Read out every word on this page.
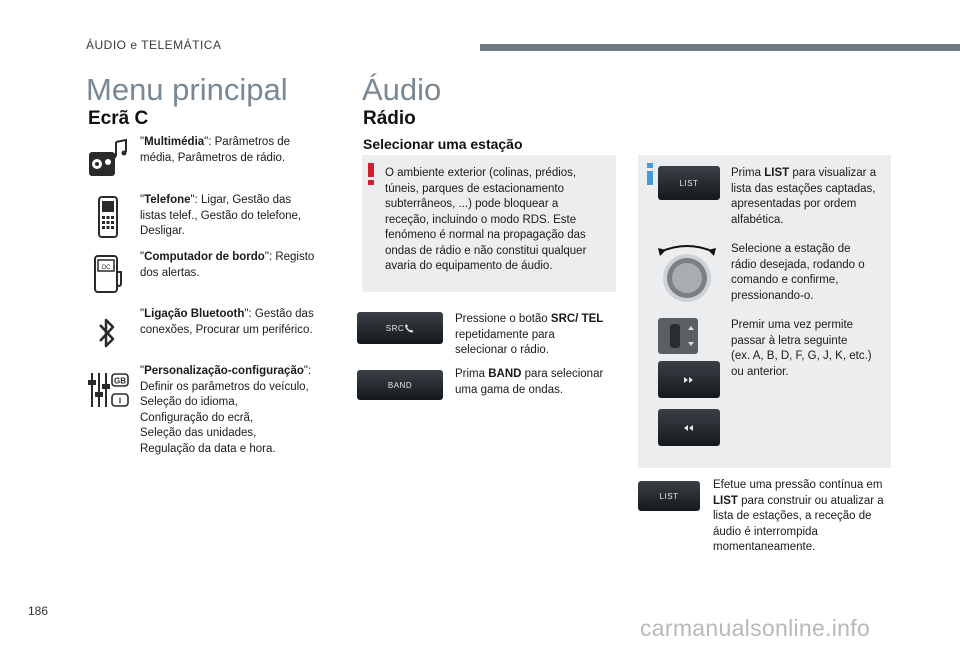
ÁUDIO e TELEMÁTICA
Menu principal
Ecrã C
"Multimédia": Parâmetros de média, Parâmetros de rádio.
"Telefone": Ligar, Gestão das listas telef., Gestão do telefone, Desligar.
OC
"Computador de bordo": Registo dos alertas.
"Ligação Bluetooth": Gestão das conexões, Procurar um periférico.
GB
I
"Personalização-configuração":
Definir os parâmetros do veículo,
Seleção do idioma,
Configuração do ecrã,
Seleção das unidades,
Regulação da data e hora.
Áudio
Rádio
Selecionar uma estação
O ambiente exterior (colinas, prédios, túneis, parques de estacionamento subterrâneos, ...) pode bloquear a receção, incluindo o modo RDS. Este fenómeno é normal na propagação das ondas de rádio e não constitui qualquer avaria do equipamento de áudio.
SRC
Pressione o botão SRC/ TEL repetidamente para selecionar o rádio.
BAND
Prima BAND para selecionar uma gama de ondas.
LIST
Prima LIST para visualizar a lista das estações captadas, apresentadas por ordem alfabética.
Selecione a estação de rádio desejada, rodando o comando e confirme, pressionando-o.
Premir uma vez permite passar à letra seguinte
(ex. A, B, D, F, G, J, K, etc.)
ou anterior.
LIST
Efetue uma pressão contínua em LIST para construir ou atualizar a lista de estações, a receção de áudio é interrompida momentaneamente.
186
carmanualsonline.info
